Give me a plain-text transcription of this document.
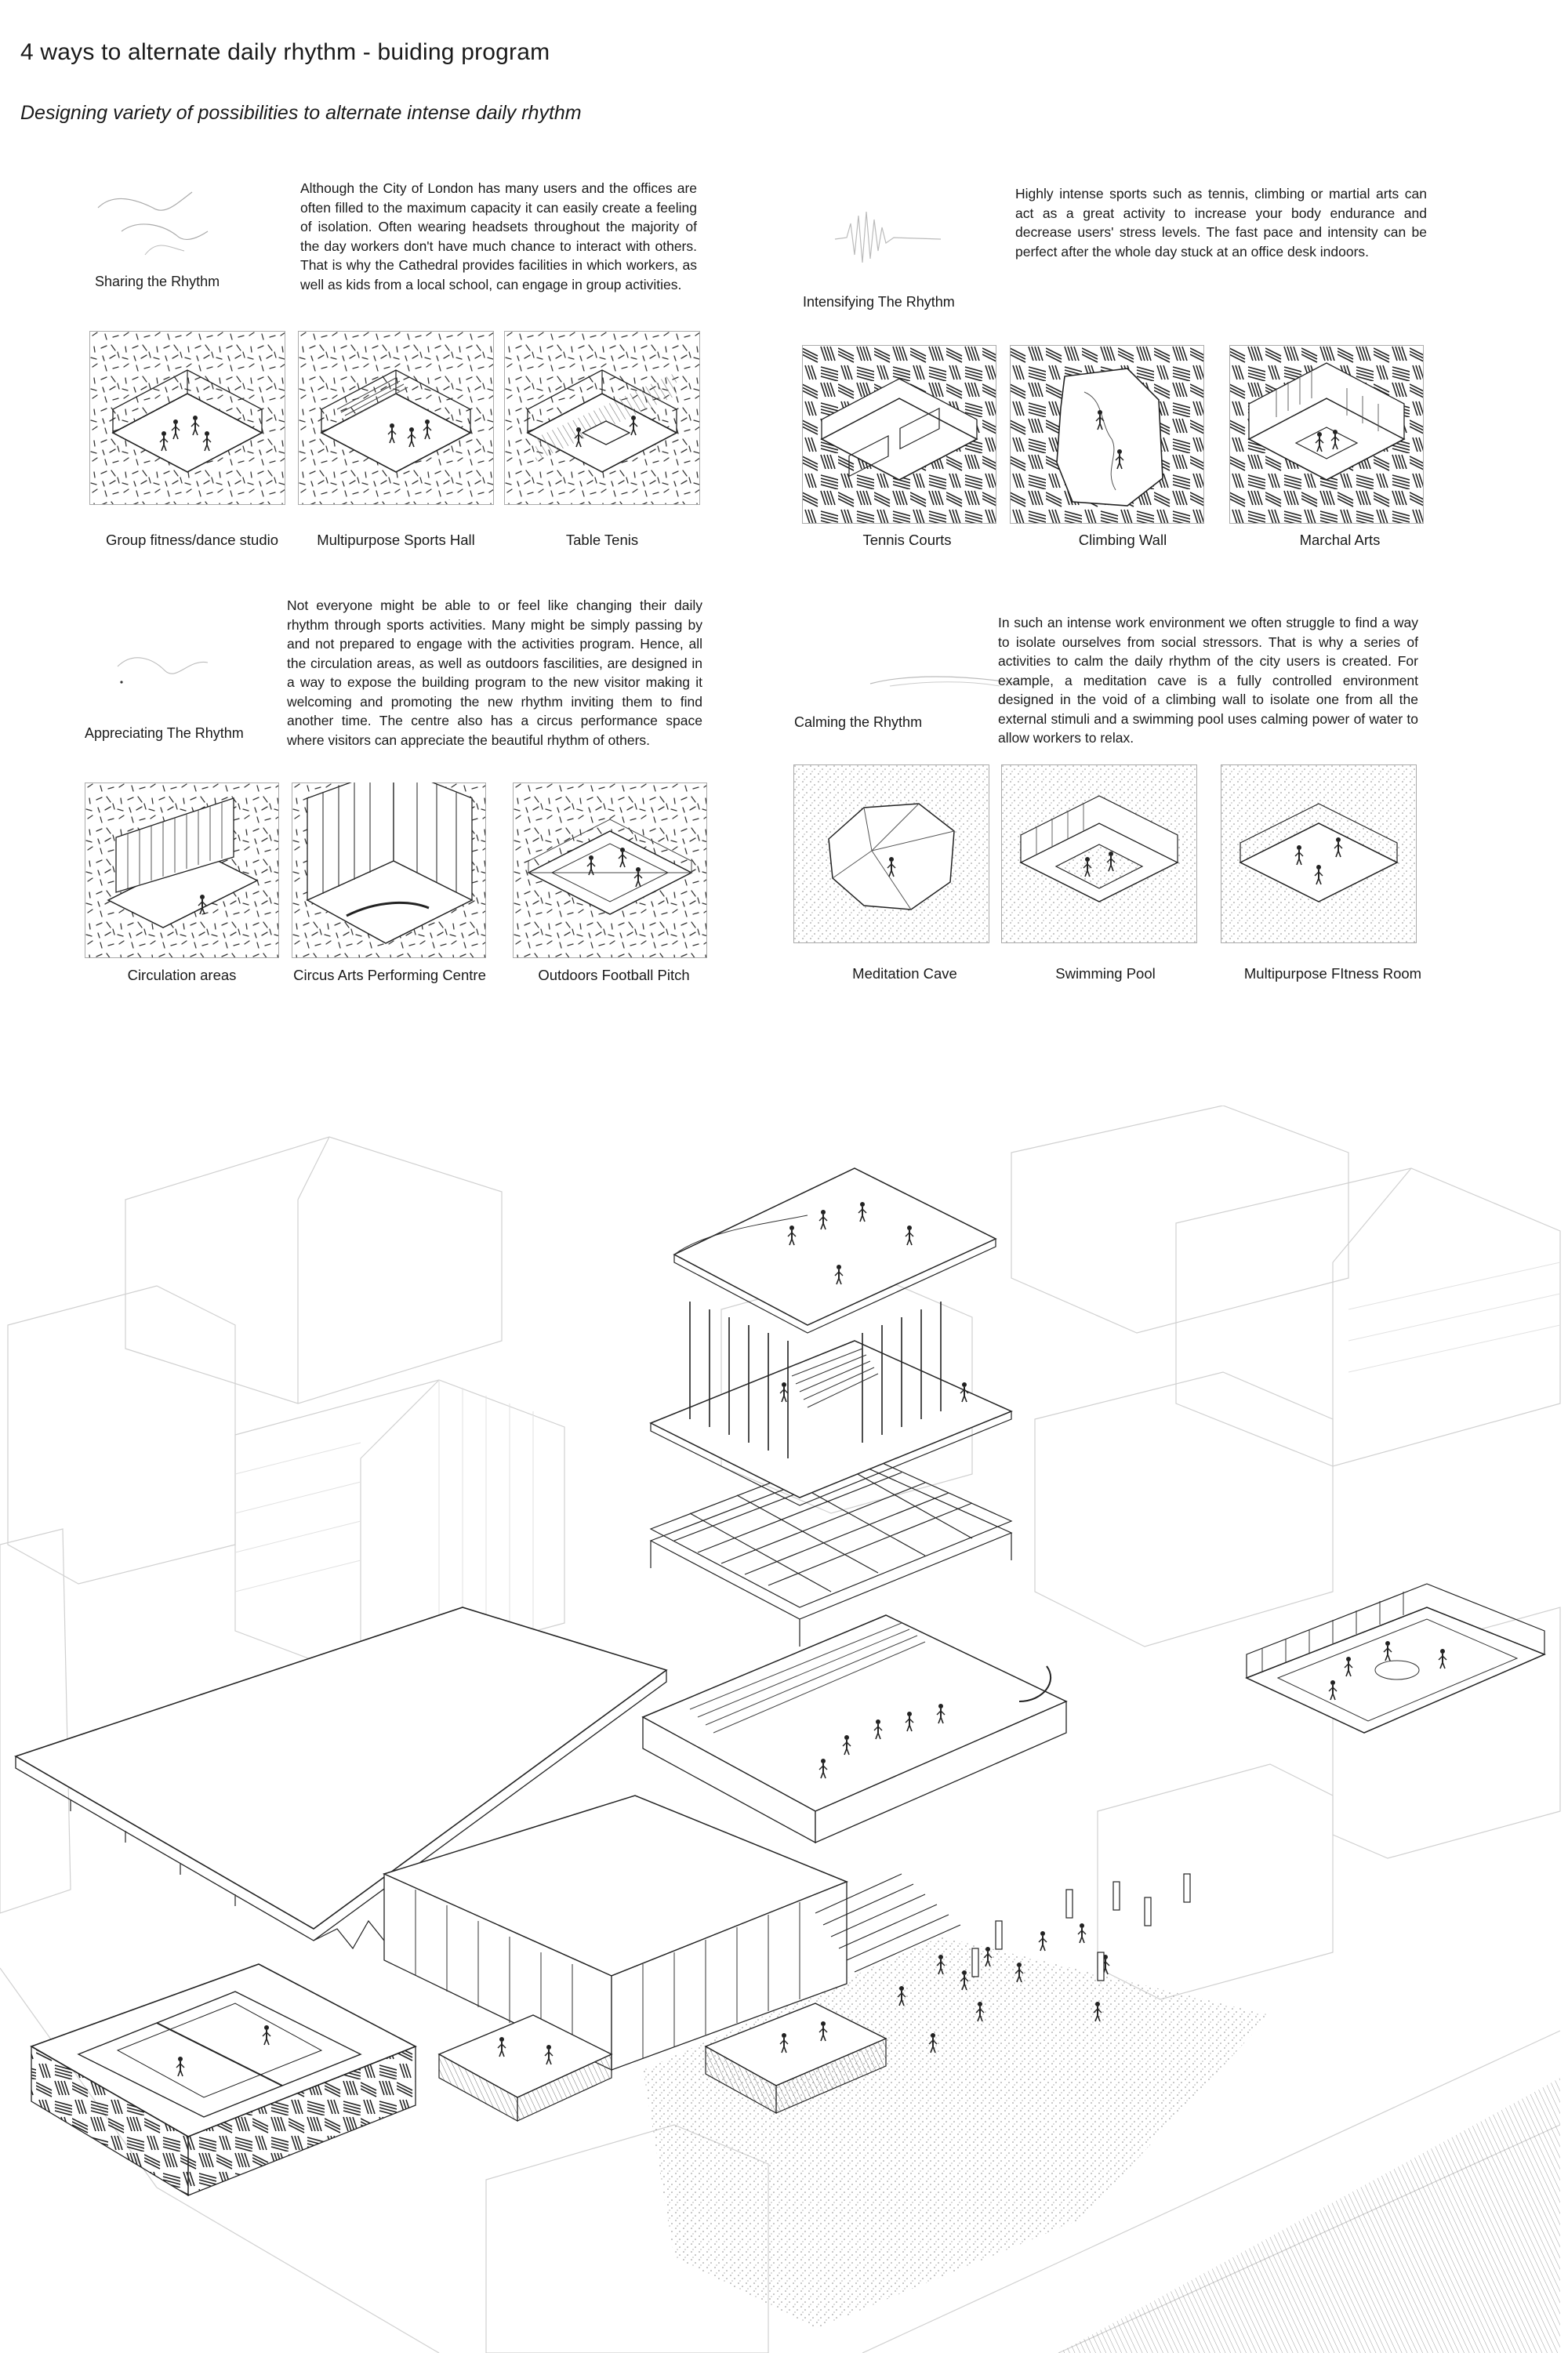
4 ways to alternate daily rhythm - buiding program
Designing variety of possibilities to alternate intense daily rhythm
Sharing the Rhythm
Although the City of London has many users and the offices are often filled to the maximum capacity it can easily create a feeling of isolation. Often wearing headsets throughout the majority of the day workers don't have much chance to interact with others. That is why the Cathedral provides facilities in which workers, as well as kids from a local school, can engage in group activities.
Group fitness/dance studio	Multipurpose Sports Hall	Table Tenis
Intensifying The Rhythm
Highly intense sports such as tennis, climbing or martial arts can act as a great activity to increase your body endurance and decrease users' stress levels. The fast pace and intensity can be perfect after the whole day stuck at an office desk indoors.
Tennis Courts	Climbing Wall	Marchal Arts
Appreciating The Rhythm
Not everyone might be able to or feel like changing their daily rhythm through sports activities. Many might be simply passing by and not prepared to engage with the activities program. Hence, all the circulation areas, as well as outdoors fascilities, are designed in a way to expose the building program to the new visitor making it welcoming and promoting the new rhythm inviting them to find another time. The centre also has a circus performance space where visitors can appreciate the beautiful rhythm of others.
Circulation areas	Circus Arts Performing Centre	Outdoors Football Pitch
Calming the Rhythm
In such an intense work environment we often struggle to find a way to isolate ourselves from social stressors. That is why a series of activities to calm the daily rhythm of the city users is created. For example, a meditation cave is a fully controlled environment designed in the void of a climbing wall to isolate one from all the external stimuli and a swimming pool uses calming power of water to allow workers to relax.
Meditation Cave	Swimming Pool	Multipurpose FItness Room
